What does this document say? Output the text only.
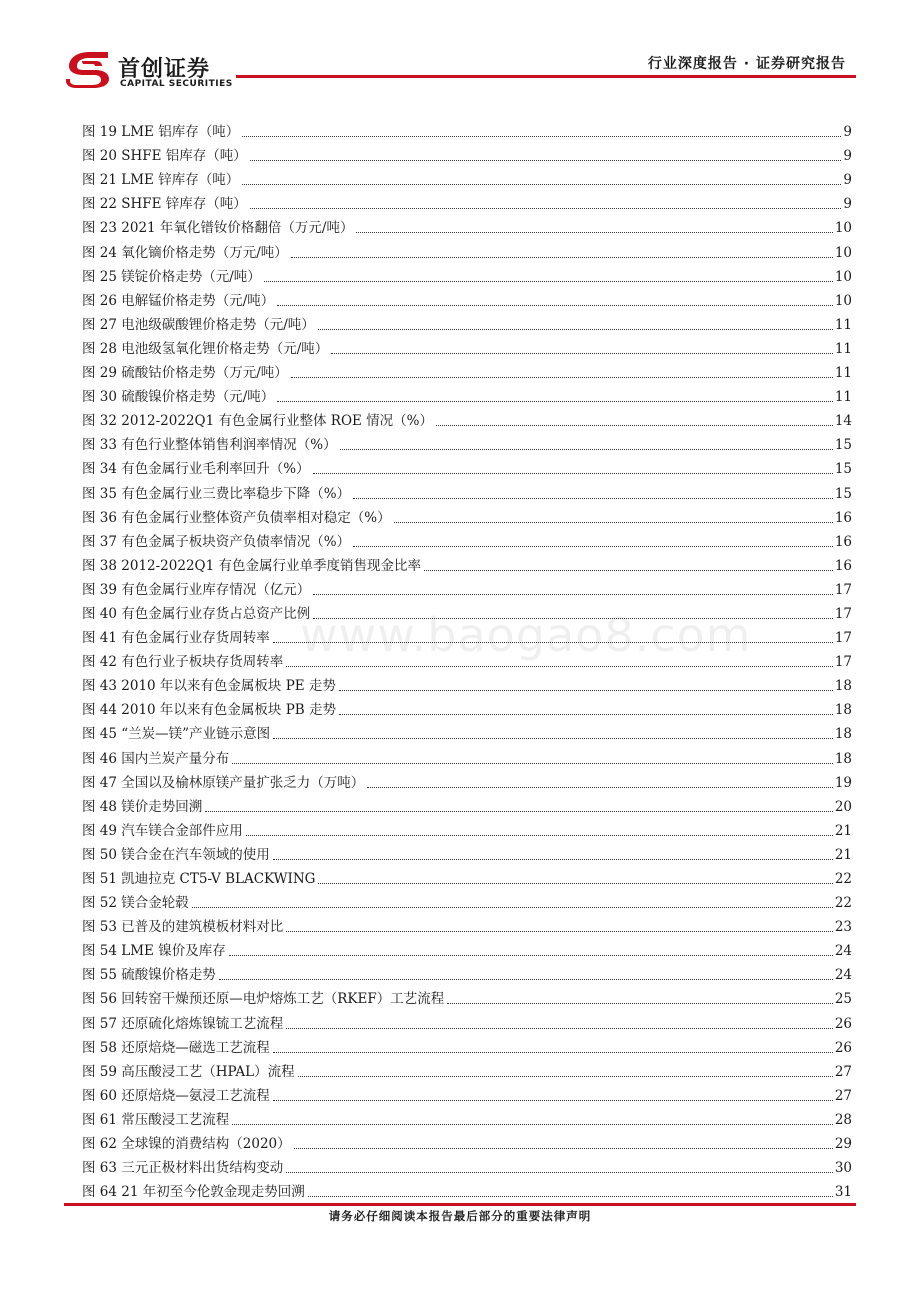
首创证券
CAPITAL SECURITIES
行业深度报告 · 证券研究报告
图 19 LME 铝库存（吨）	9
图 20 SHFE 铝库存（吨）	9
图 21 LME 锌库存（吨）	9
图 22 SHFE 锌库存（吨）	9
图 23 2021 年氧化镨钕价格翻倍（万元/吨）	10
图 24 氧化镝价格走势（万元/吨）	10
图 25 镁锭价格走势（元/吨）	10
图 26 电解锰价格走势（元/吨）	10
图 27 电池级碳酸锂价格走势（元/吨）	11
图 28 电池级氢氧化锂价格走势（元/吨）	11
图 29 硫酸钴价格走势（万元/吨）	11
图 30 硫酸镍价格走势（元/吨）	11
图 32 2012-2022Q1 有色金属行业整体 ROE 情况（%）	14
图 33 有色行业整体销售利润率情况（%）	15
图 34 有色金属行业毛利率回升（%）	15
图 35 有色金属行业三费比率稳步下降（%）	15
图 36 有色金属行业整体资产负债率相对稳定（%）	16
图 37 有色金属子板块资产负债率情况（%）	16
图 38 2012-2022Q1 有色金属行业单季度销售现金比率	16
图 39 有色金属行业库存情况（亿元）	17
图 40 有色金属行业存货占总资产比例	17
图 41 有色金属行业存货周转率	17
图 42 有色行业子板块存货周转率	17
图 43 2010 年以来有色金属板块 PE 走势	18
图 44 2010 年以来有色金属板块 PB 走势	18
图 45 “兰炭—镁”产业链示意图	18
图 46 国内兰炭产量分布	18
图 47 全国以及榆林原镁产量扩张乏力（万吨）	19
图 48 镁价走势回溯	20
图 49 汽车镁合金部件应用	21
图 50 镁合金在汽车领域的使用	21
图 51 凯迪拉克 CT5-V BLACKWING	22
图 52 镁合金轮毂	22
图 53 已普及的建筑模板材料对比	23
图 54 LME 镍价及库存	24
图 55 硫酸镍价格走势	24
图 56 回转窑干燥预还原—电炉熔炼工艺（RKEF）工艺流程	25
图 57 还原硫化熔炼镍锍工艺流程	26
图 58 还原焙烧—磁选工艺流程	26
图 59 高压酸浸工艺（HPAL）流程	27
图 60 还原焙烧—氨浸工艺流程	27
图 61 常压酸浸工艺流程	28
图 62 全球镍的消费结构（2020）	29
图 63 三元正极材料出货结构变动	30
图 64 21 年初至今伦敦金现走势回溯	31
www.baogao8.com
请务必仔细阅读本报告最后部分的重要法律声明
